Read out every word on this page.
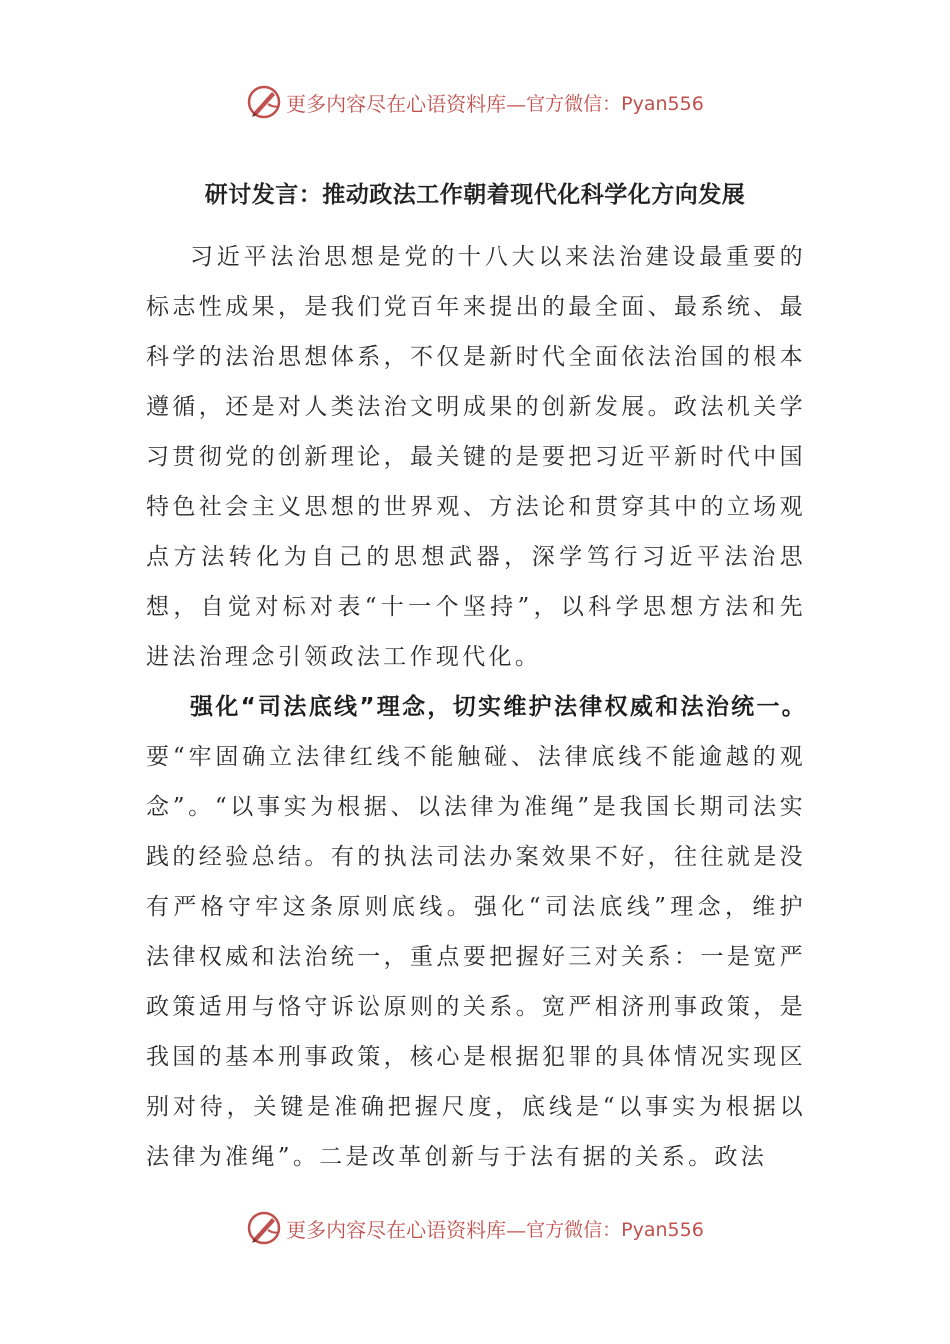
更多内容尽在心语资料库— 官方微信：Pyan556
研讨发言：推动政法工作朝着现代化科学化方向发展

习近平法治思想是党的十八大以来法治建设最重要的标志性成果，是我们党百年来提出的最全面、最系统、最科学的法治思想体系，不仅是新时代全面依法治国的根本遵循，还是对人类法治文明成果的创新发展。政法机关学习贯彻党的创新理论，最关键的是要把习近平新时代中国特色社会主义思想的世界观、方法论和贯穿其中的立场观点方法转化为自己的思想武器，深学笃行习近平法治思想，自觉对标对表“十一个坚持”，以科学思想方法和先进法治理念引领政法工作现代化。

强化“司法底线”理念，切实维护法律权威和法治统一。要“牢固确立法律红线不能触碰、法律底线不能逾越的观念”。“以事实为根据、以法律为准绳”是我国长期司法实践的经验总结。有的执法司法办案效果不好，往往就是没有严格守牢这条原则底线。强化“司法底线”理念，维护法律权威和法治统一，重点要把握好三对关系：一是宽严政策适用与恪守诉讼原则的关系。宽严相济刑事政策，是我国的基本刑事政策，核心是根据犯罪的具体情况实现区别对待，关键是准确把握尺度，底线是“以事实为根据以法律为准绳”。二是改革创新与于法有据的关系。政法

更多内容尽在心语资料库— 官方微信：Pyan556
